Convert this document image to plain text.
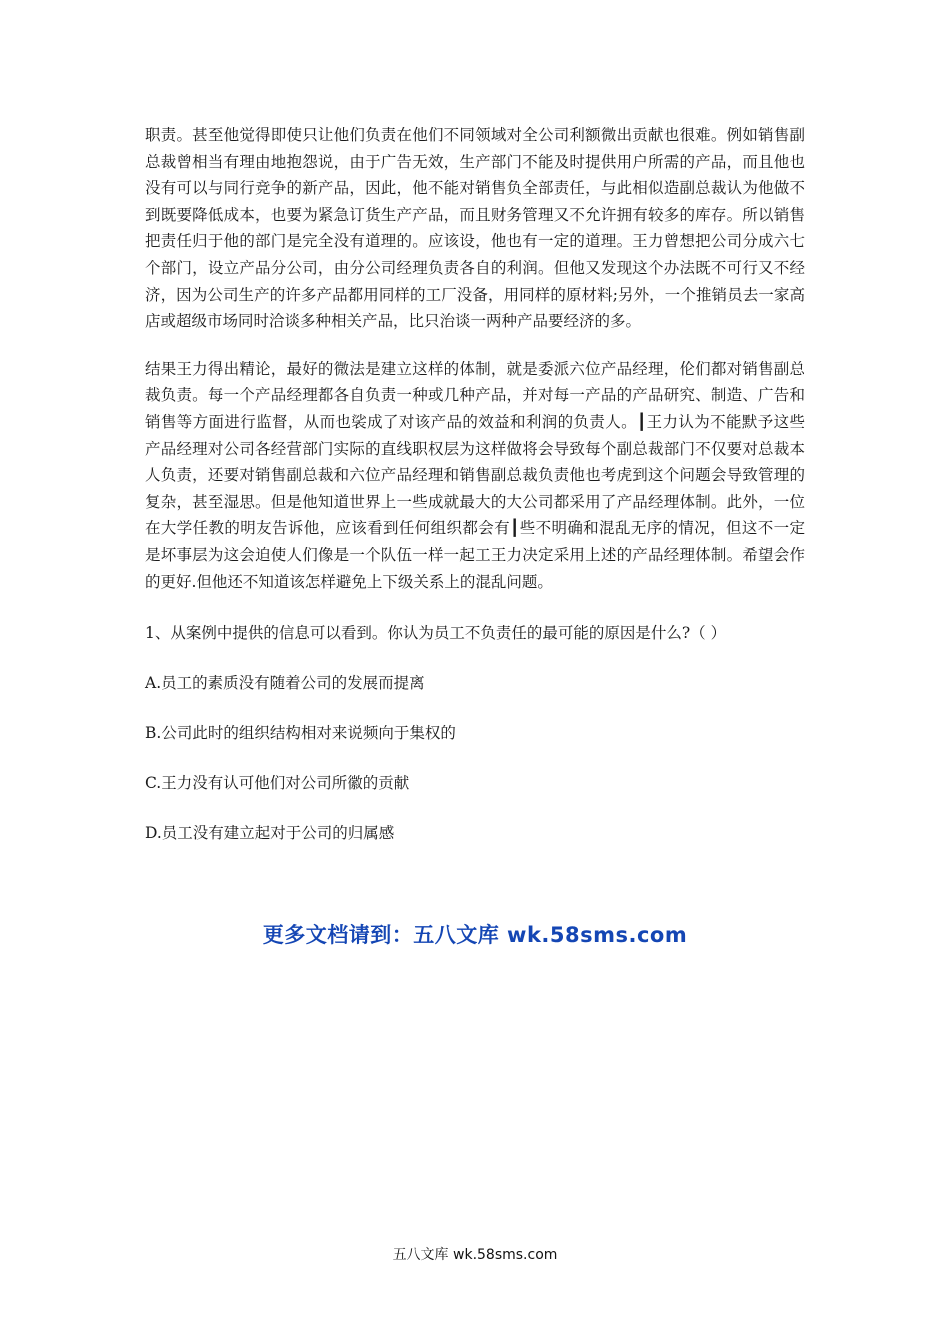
职责。甚至他觉得即使只让他们负责在他们不同领域对全公司利额微出贡献也很难。例如销售副总裁曾相当有理由地抱怨说，由于广告无效，生产部门不能及时提供用户所需的产品，而且他也没有可以与同行竞争的新产品，因此，他不能对销售负全部责任，与此相似造副总裁认为他做不到既要降低成本，也要为紧急订货生产产品，而且财务管理又不允许拥有较多的库存。所以销售把责任归于他的部门是完全没有道理的。应该设，他也有一定的道理。王力曾想把公司分成六七个部门，设立产品分公司，由分公司经理负责各自的利润。但他又发现这个办法既不可行又不经济，因为公司生产的许多产品都用同样的工厂没备，用同样的原材料;另外，一个推销员去一家高店或超级市场同时洽谈多种相关产品，比只治谈一两种产品要经济的多。

结果王力得出精论，最好的微法是建立这样的体制，就是委派六位产品经理，伦们都对销售副总裁负责。每一个产品经理都各自负责一种或几种产品，并对每一产品的产品研究、制造、广告和销售等方面进行监督，从而也裟成了对该产品的效益和利润的负责人。┃王力认为不能默予这些产品经理对公司各经营部门实际的直线职权层为这样做将会导致每个副总裁部门不仅要对总裁本人负责，还要对销售副总裁和六位产品经理和销售副总裁负责他也考虎到这个问题会导致管理的复杂，甚至湿思。但是他知道世界上一些成就最大的大公司都采用了产品经理体制。此外，一位在大学任教的明友告诉他，应该看到任何组织都会有┃些不明确和混乱无序的情况，但这不一定是坏事层为这会迫使人们像是一个队伍一样一起工王力决定采用上述的产品经理体制。希望会作的更好.但他还不知道该怎样避免上下级关系上的混乱问题。

1、从案例中提供的信息可以看到。你认为员工不负责任的最可能的原因是什么?（ ）

A.员工的素质没有随着公司的发展而提离

B.公司此时的组织结构相对来说频向于集权的

C.王力没有认可他们对公司所徽的贡献

D.员工没有建立起对于公司的归属感

更多文档请到：五八文库 wk.58sms.com
五八文库 wk.58sms.com
